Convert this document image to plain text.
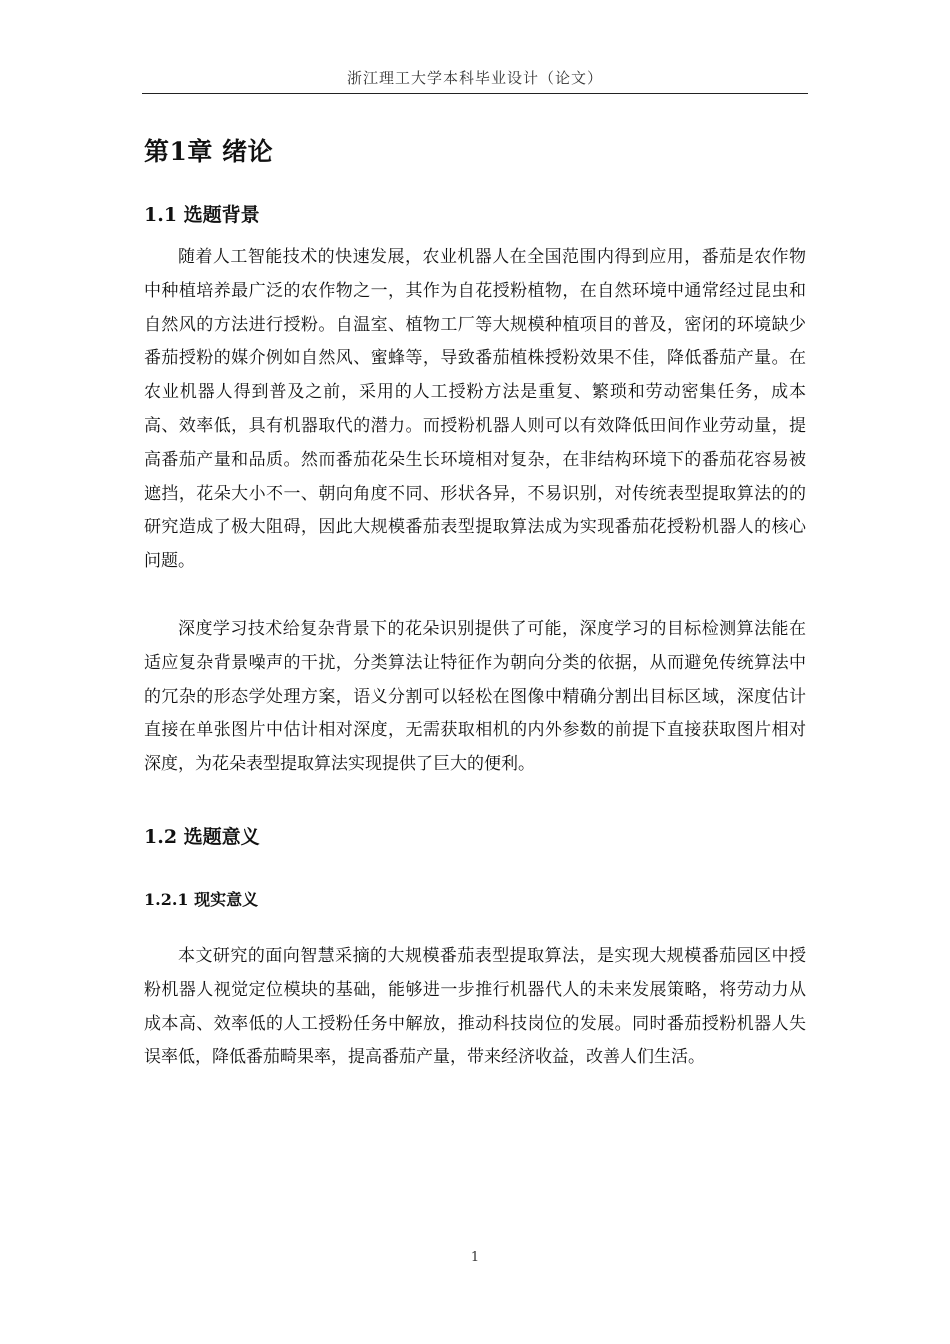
浙江理工大学本科毕业设计（论文）
第1章 绪论
1.1 选题背景

随着人工智能技术的快速发展，农业机器人在全国范围内得到应用，番茄是农作物中种植培养最广泛的农作物之一，其作为自花授粉植物，在自然环境中通常经过昆虫和自然风的方法进行授粉。自温室、植物工厂等大规模种植项目的普及，密闭的环境缺少番茄授粉的媒介例如自然风、蜜蜂等，导致番茄植株授粉效果不佳，降低番茄产量。在农业机器人得到普及之前，采用的人工授粉方法是重复、繁琐和劳动密集任务，成本高、效率低，具有机器取代的潜力。而授粉机器人则可以有效降低田间作业劳动量，提高番茄产量和品质。然而番茄花朵生长环境相对复杂，在非结构环境下的番茄花容易被遮挡，花朵大小不一、朝向角度不同、形状各异，不易识别，对传统表型提取算法的的研究造成了极大阻碍，因此大规模番茄表型提取算法成为实现番茄花授粉机器人的核心问题。

深度学习技术给复杂背景下的花朵识别提供了可能，深度学习的目标检测算法能在适应复杂背景噪声的干扰，分类算法让特征作为朝向分类的依据，从而避免传统算法中的冗杂的形态学处理方案，语义分割可以轻松在图像中精确分割出目标区域，深度估计直接在单张图片中估计相对深度，无需获取相机的内外参数的前提下直接获取图片相对深度，为花朵表型提取算法实现提供了巨大的便利。

1.2 选题意义
1.2.1 现实意义

本文研究的面向智慧采摘的大规模番茄表型提取算法，是实现大规模番茄园区中授粉机器人视觉定位模块的基础，能够进一步推行机器代人的未来发展策略，将劳动力从成本高、效率低的人工授粉任务中解放，推动科技岗位的发展。同时番茄授粉机器人失误率低，降低番茄畸果率，提高番茄产量，带来经济收益，改善人们生活。

1
